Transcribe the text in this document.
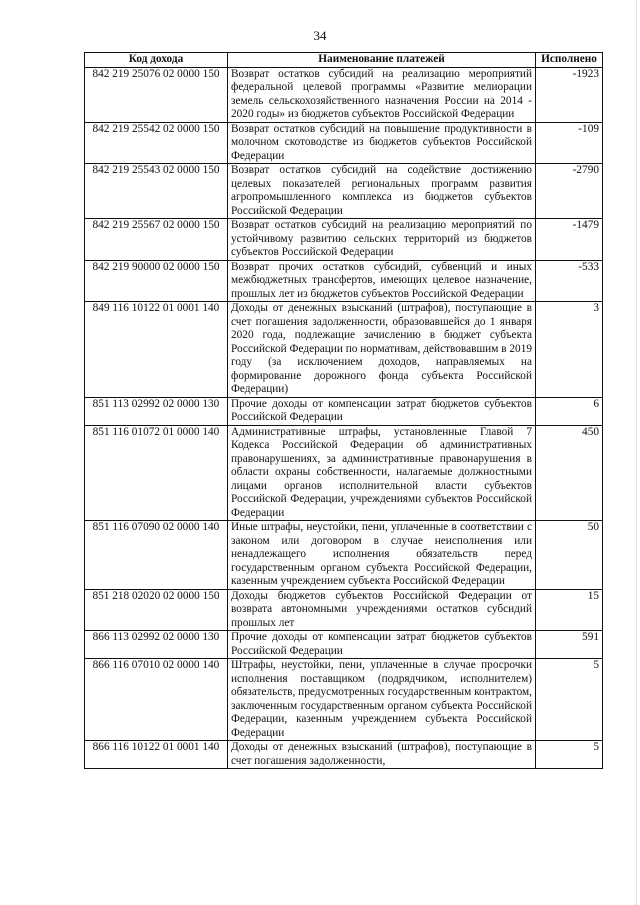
34
Код дохода	Наименование платежей	Исполнено
842 219 25076 02 0000 150	Возврат остатков субсидий на реализацию мероприятий федеральной целевой программы «Развитие мелиорации земель сельскохозяйственного назначения России на 2014 - 2020 годы» из бюджетов субъектов Российской Федерации	-1923
842 219 25542 02 0000 150	Возврат остатков субсидий на повышение продуктивности в молочном скотоводстве из бюджетов субъектов Российской Федерации	-109
842 219 25543 02 0000 150	Возврат остатков субсидий на содействие достижению целевых показателей региональных программ развития агропромышленного комплекса из бюджетов субъектов Российской Федерации	-2790
842 219 25567 02 0000 150	Возврат остатков субсидий на реализацию мероприятий по устойчивому развитию сельских территорий из бюджетов субъектов Российской Федерации	-1479
842 219 90000 02 0000 150	Возврат прочих остатков субсидий, субвенций и иных межбюджетных трансфертов, имеющих целевое назначение, прошлых лет из бюджетов субъектов Российской Федерации	-533
849 116 10122 01 0001 140	Доходы от денежных взысканий (штрафов), поступающие в счет погашения задолженности, образовавшейся до 1 января 2020 года, подлежащие зачислению в бюджет субъекта Российской Федерации по нормативам, действовавшим в 2019 году (за исключением доходов, направляемых на формирование дорожного фонда субъекта Российской Федерации)	3
851 113 02992 02 0000 130	Прочие доходы от компенсации затрат бюджетов субъектов Российской Федерации	6
851 116 01072 01 0000 140	Административные штрафы, установленные Главой 7 Кодекса Российской Федерации об административных правонарушениях, за административные правонарушения в области охраны собственности, налагаемые должностными лицами органов исполнительной власти субъектов Российской Федерации, учреждениями субъектов Российской Федерации	450
851 116 07090 02 0000 140	Иные штрафы, неустойки, пени, уплаченные в соответствии с законом или договором в случае неисполнения или ненадлежащего исполнения обязательств перед государственным органом субъекта Российской Федерации, казенным учреждением субъекта Российской Федерации	50
851 218 02020 02 0000 150	Доходы бюджетов субъектов Российской Федерации от возврата автономными учреждениями остатков субсидий прошлых лет	15
866 113 02992 02 0000 130	Прочие доходы от компенсации затрат бюджетов субъектов Российской Федерации	591
866 116 07010 02 0000 140	Штрафы, неустойки, пени, уплаченные в случае просрочки исполнения поставщиком (подрядчиком, исполнителем) обязательств, предусмотренных государственным контрактом, заключенным государственным органом субъекта Российской Федерации, казенным учреждением субъекта Российской Федерации	5
866 116 10122 01 0001 140	Доходы от денежных взысканий (штрафов), поступающие в счет погашения задолженности,	5
